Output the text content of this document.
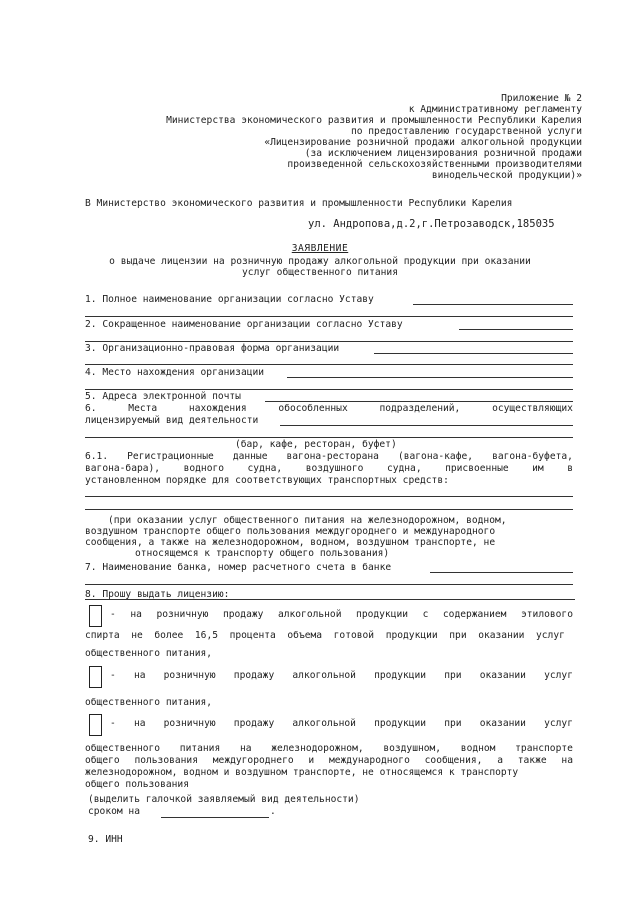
Приложение № 2
к Административному регламенту
Министерства экономического развития и промышленности Республики Карелия
по предоставлению государственной услуги
«Лицензирование розничной продажи алкогольной продукции
(за исключением лицензирования розничной продажи
произведенной сельскохозяйственными производителями
винодельческой продукции)»
В Министерство экономического развития и промышленности Республики Карелия
ул. Андропова,д.2,г.Петрозаводск,185035
ЗАЯВЛЕНИЕ
о выдаче лицензии на розничную продажу алкогольной продукции при оказании
услуг общественного питания
1. Полное наименование организации согласно Уставу
2. Сокращенное наименование организации согласно Уставу
3. Организационно-правовая форма организации
4. Место нахождения организации
5. Адреса электронной почты
6.	Места	нахождения	обособленных	подразделений,	осуществляющих
лицензируемый вид деятельности
(бар, кафе, ресторан, буфет)
6.1. Регистрационные данные вагона-ресторана (вагона-кафе, вагона-буфета,
вагона-бара), водного судна, воздушного судна, присвоенные им в
установленном порядке для соответствующих транспортных средств:
(при оказании услуг общественного питания на железнодорожном, водном,
воздушном транспорте общего пользования междугороднего и международного
сообщения, а также на железнодорожном, водном, воздушном транспорте, не
относящемся к транспорту общего пользования)
7. Наименование банка, номер расчетного счета в банке
8. Прошу выдать лицензию:
- на розничную продажу алкогольной продукции с содержанием этилового
спирта не более 16,5 процента объема готовой продукции при оказании услуг
общественного питания,
- на розничную продажу алкогольной продукции при оказании услуг
общественного питания,
- на розничную продажу алкогольной продукции при оказании услуг
общественного питания на железнодорожном, воздушном, водном транспорте
общего пользования междугороднего и международного сообщения, а также на
железнодорожном, водном и воздушном транспорте, не относящемся к транспорту
общего пользования
(выделить галочкой заявляемый вид деятельности)
сроком на	.
9. ИНН
